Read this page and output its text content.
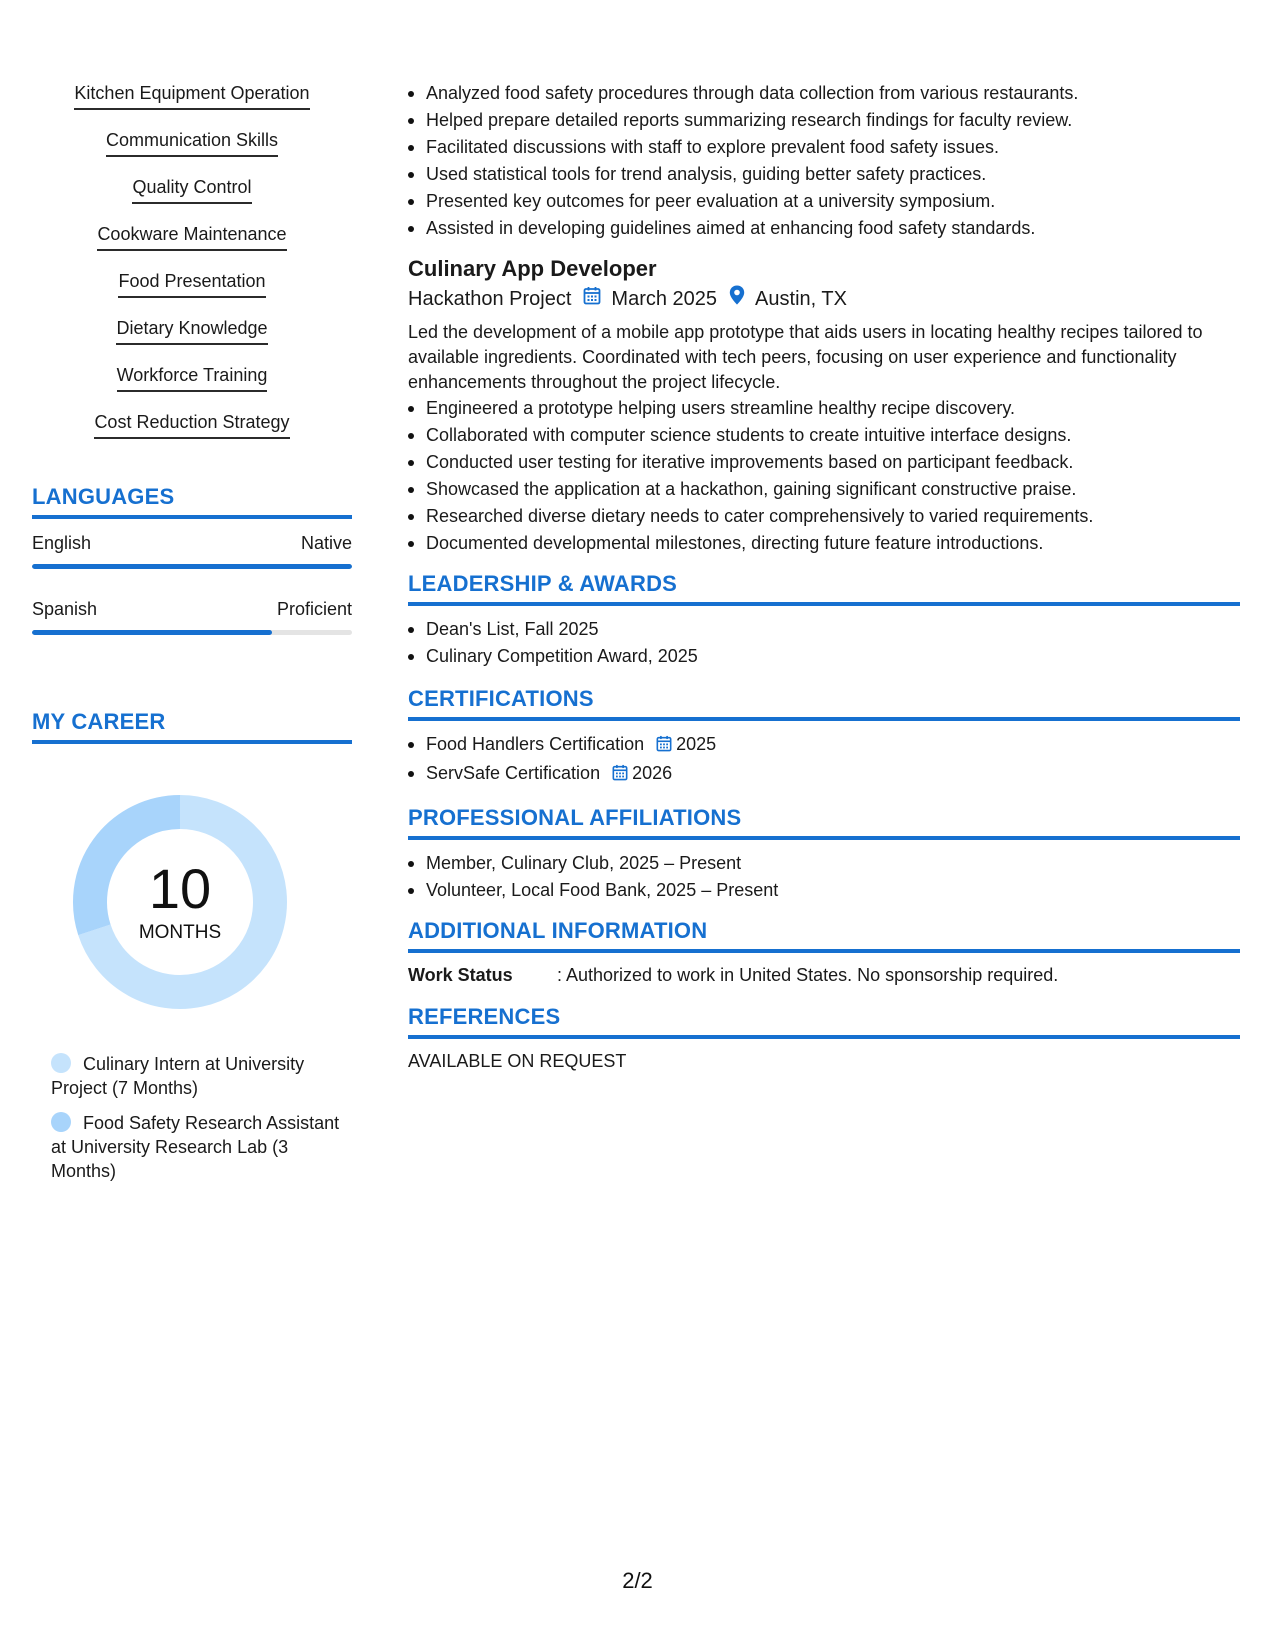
Kitchen Equipment Operation
Communication Skills
Quality Control
Cookware Maintenance
Food Presentation
Dietary Knowledge
Workforce Training
Cost Reduction Strategy
LANGUAGES
English	Native
Spanish	Proficient
MY CAREER
10
MONTHS
Culinary Intern at University Project (7 Months)
Food Safety Research Assistant at University Research Lab (3 Months)
Analyzed food safety procedures through data collection from various restaurants.
Helped prepare detailed reports summarizing research findings for faculty review.
Facilitated discussions with staff to explore prevalent food safety issues.
Used statistical tools for trend analysis, guiding better safety practices.
Presented key outcomes for peer evaluation at a university symposium.
Assisted in developing guidelines aimed at enhancing food safety standards.
Culinary App Developer
Hackathon Project March 2025 Austin, TX
Led the development of a mobile app prototype that aids users in locating healthy recipes tailored to available ingredients. Coordinated with tech peers, focusing on user experience and functionality enhancements throughout the project lifecycle.
Engineered a prototype helping users streamline healthy recipe discovery.
Collaborated with computer science students to create intuitive interface designs.
Conducted user testing for iterative improvements based on participant feedback.
Showcased the application at a hackathon, gaining significant constructive praise.
Researched diverse dietary needs to cater comprehensively to varied requirements.
Documented developmental milestones, directing future feature introductions.
LEADERSHIP & AWARDS
Dean's List, Fall 2025
Culinary Competition Award, 2025
CERTIFICATIONS
Food Handlers Certification 2025
ServSafe Certification 2026
PROFESSIONAL AFFILIATIONS
Member, Culinary Club, 2025 – Present
Volunteer, Local Food Bank, 2025 – Present
ADDITIONAL INFORMATION
Work Status	: Authorized to work in United States. No sponsorship required.
REFERENCES
AVAILABLE ON REQUEST
2/2
